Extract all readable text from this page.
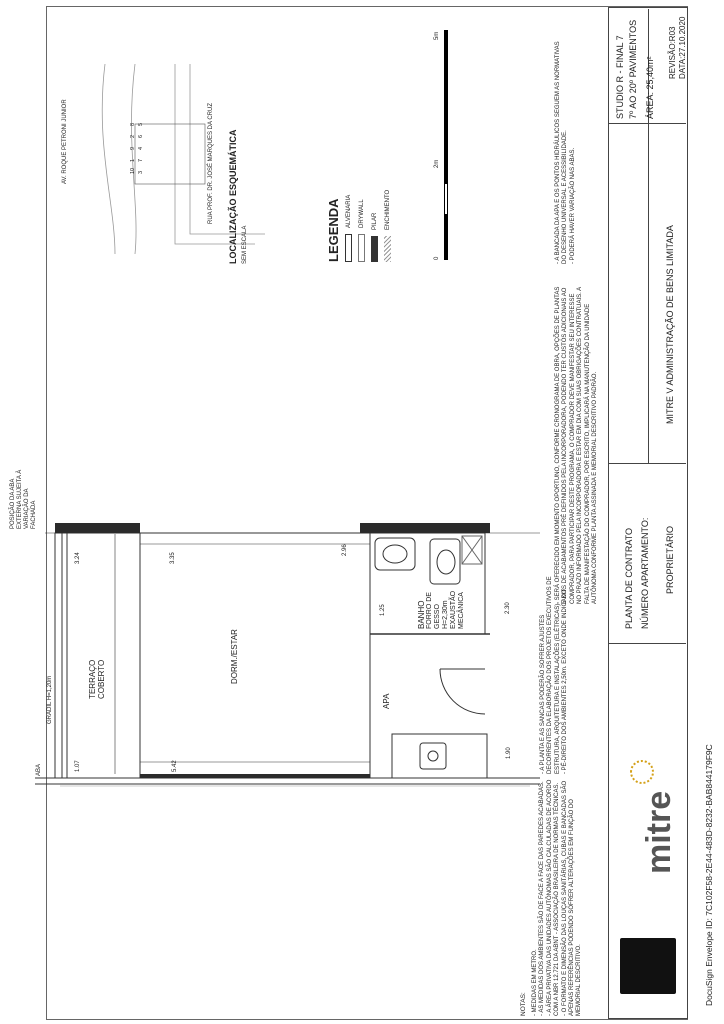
DocuSign Envelope ID: 7C102F58-2E44-483D-8232-BAB844179F9C
NOTAS: - MEDIDAS EM METRO. - AS MEDIDAS DOS AMBIENTES SÃO DE FACE A FACE DAS PAREDES ACABADAS. - A ÁREA PRIVATIVA DAS UNIDADES AUTÔNOMAS SÃO CALCULADAS DE ACORDO COM A NBR 12.721 DA ABNT - ASSOCIAÇÃO BRASILEIRA DE NORMAS TÉCNICAS. - O FORMATO E DIMENSÃO DAS LOUÇAS SANITÁRIAS, CUBAS E BANCADAS SÃO APENAS REFERÊNCIAS PODENDO SOFRER ALTERAÇÕES EM FUNÇÃO DO MEMORIAL DESCRITIVO.
- A PLANTA E AS SANCAS PODERÃO SOFRER AJUSTES DECORRENTES DA ELABORAÇÃO DOS PROJETOS EXECUTIVOS DE ESTRUTURA, ARQUITETURA E INSTALAÇÕES (ELÉTRICAS). - PÉ-DIREITO DOS AMBIENTES 2,50m. EXCETO ONDE INDICADO.
- SERÁ OFERECIDO EM MOMENTO OPORTUNO, CONFORME CRONOGRAMA DE OBRA, OPÇÕES DE PLANTAS E KITS DE ACABAMENTOS PRÉ DEFINIDOS PELA INCORPORADORA, PODENDO TER CUSTOS ADICIONAIS AO COMPRADOR, PARA PARTICIPAR DESTE PROGRAMA, O COMPRADOR DEVE MANIFESTAR SEU INTERESSE NO PRAZO INFORMADO PELA INCORPORADORA E ESTAR EM DIA COM SUAS OBRIGAÇÕES CONTRATUAIS. A FALTA DE MANIFESTAÇÃO DO COMPRADOR, POR ESCRITO, IMPLICARÁ NA MANUTENÇÃO DA UNIDADE AUTÔNOMA CONFORME PLANTA ASSINADA E MEMORIAL DESCRITIVO PADRÃO.
- A BANCADA DA APA E OS PONTOS HIDRÁULICOS SEGUEM AS NORMATIVAS DO DESENHO UNIVERSAL E ACESSIBILIDADE. - PODERÁ HAVER VARIAÇÃO NAS ABAS.
TERRAÇO COBERTO	DORM./ESTAR
APA
BANHO FORRO DE GESSO H=2,30m EXAUSTÃO MECÂNICA
GRADIL H=1,20m
ABA
POSIÇÃO DA ABA EXTERNA SUJEITA À VARIAÇÃO DA FACHADA
1.07
3.24	3.35
5.42
1.90
2.96
1.25	2.30
AV. ROQUE PETRONI JUNIOR	RUA PROF. DR. JOSÉ MARQUES DA CRUZ LOCALIZAÇÃO ESQUEMÁTICA SEM ESCALA
10
1
9
2
8
3
7
4
6
5
LEGENDA ALVENARIA DRYWALL PILAR ENCHIMENTO
0
2m
5m
mitre
PLANTA DE CONTRATO NÚMERO APARTAMENTO: PROPRIETÁRIO
MITRE V ADMINISTRAÇÃO DE BENS LIMITADA
STUDIO R - FINAL 7 7º AO 20º PAVIMENTOS ÁREA: 25,40m²
REVISÃO:R03 DATA:27.10.2020
